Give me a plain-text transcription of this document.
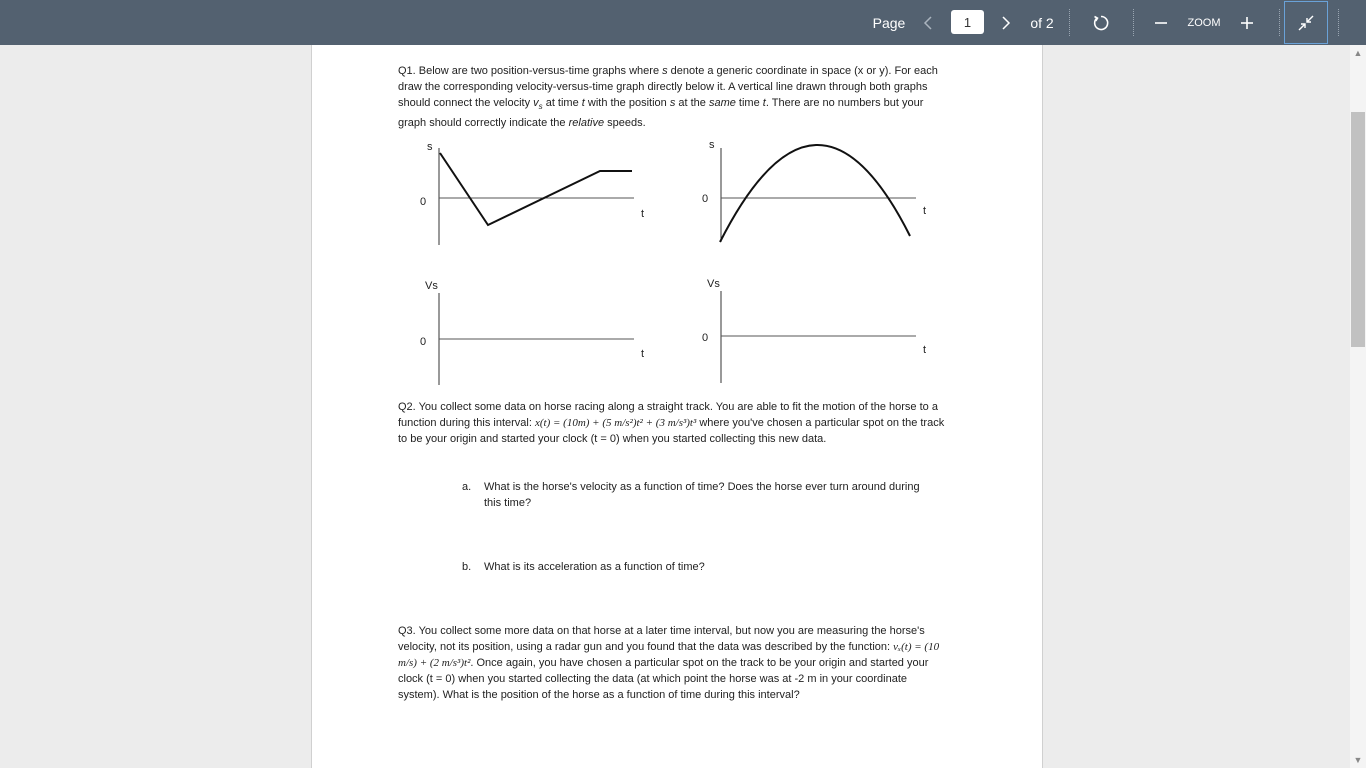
Page	1	of 2	ZOOM

Q1. Below are two position-versus-time graphs where s denote a generic coordinate in space (x or y). For each draw the corresponding velocity-versus-time graph directly below it. A vertical line drawn through both graphs should connect the velocity $v_s$ at time t with the position s at the same time t. There are no numbers but your graph should correctly indicate the relative speeds.

s
0
t
s
0
t
Vs
0
t
Vs
0
t

Q2. You collect some data on horse racing along a straight track. You are able to fit the motion of the horse to a function during this interval: x(t) = (10m) + (5 m/s²)t² + (3 m/s³)t³ where you've chosen a particular spot on the track to be your origin and started your clock (t = 0) when you started collecting this new data.

a. What is the horse's velocity as a function of time? Does the horse ever turn around during this time?

b. What is its acceleration as a function of time?

Q3. You collect some more data on that horse at a later time interval, but now you are measuring the horse's velocity, not its position, using a radar gun and you found that the data was described by the function: vₓ(t) = (10 m/s) + (2 m/s³)t². Once again, you have chosen a particular spot on the track to be your origin and started your clock (t = 0) when you started collecting the data (at which point the horse was at -2 m in your coordinate system). What is the position of the horse as a function of time during this interval?

▲
▼
